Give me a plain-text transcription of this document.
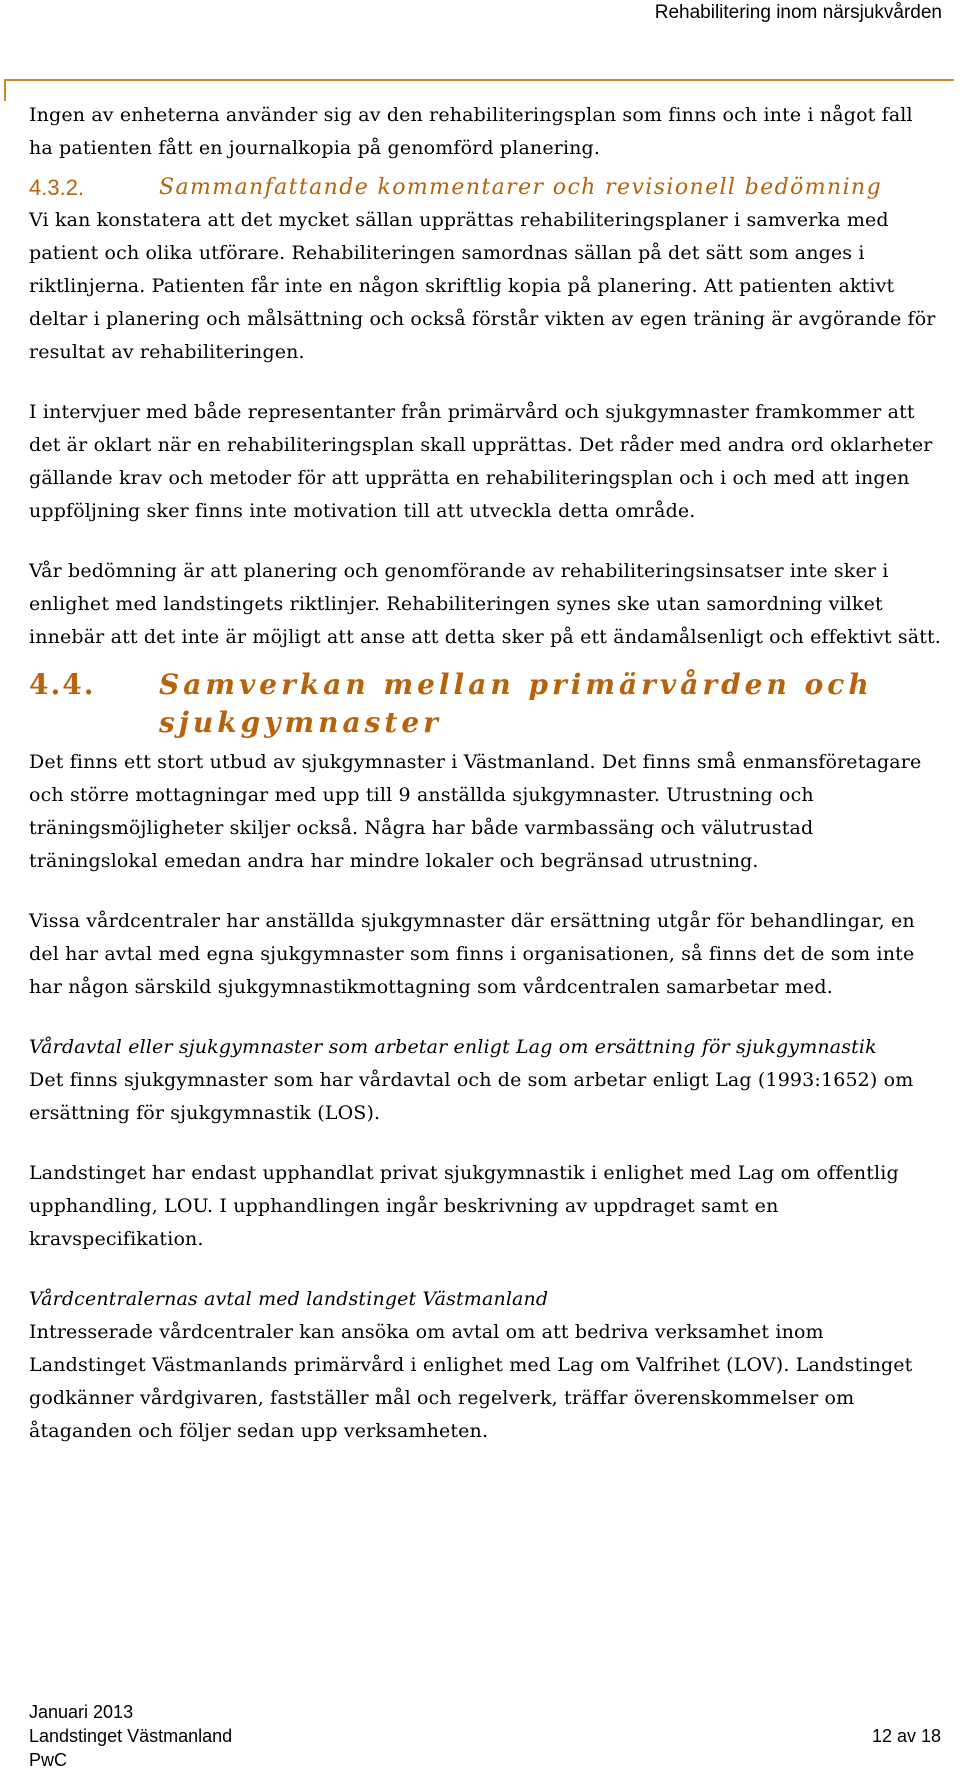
Rehabilitering inom närsjukvården

Ingen av enheterna använder sig av den rehabiliteringsplan som finns och inte i något fall ha patienten fått en journalkopia på genomförd planering.

4.3.2.	Sammanfattande kommentarer och revisionell bedömning

Vi kan konstatera att det mycket sällan upprättas rehabiliteringsplaner i samverka med patient och olika utförare. Rehabiliteringen samordnas sällan på det sätt som anges i riktlinjerna. Patienten får inte en någon skriftlig kopia på planering. Att patienten aktivt deltar i planering och målsättning och också förstår vikten av egen träning är avgörande för resultat av rehabiliteringen.

I intervjuer med både representanter från primärvård och sjukgymnaster framkommer att det är oklart när en rehabiliteringsplan skall upprättas. Det råder med andra ord oklarheter gällande krav och metoder för att upprätta en rehabiliteringsplan och i och med att ingen uppföljning sker finns inte motivation till att utveckla detta område.

Vår bedömning är att planering och genomförande av rehabiliteringsinsatser inte sker i enlighet med landstingets riktlinjer. Rehabiliteringen synes ske utan samordning vilket innebär att det inte är möjligt att anse att detta sker på ett ändamålsenligt och effektivt sätt.

4.4.	Samverkan mellan primärvården och sjukgymnaster

Det finns ett stort utbud av sjukgymnaster i Västmanland. Det finns små enmansföretagare och större mottagningar med upp till 9 anställda sjukgymnaster. Utrustning och träningsmöjligheter skiljer också. Några har både varmbassäng och välutrustad träningslokal emedan andra har mindre lokaler och begränsad utrustning.

Vissa vårdcentraler har anställda sjukgymnaster där ersättning utgår för behandlingar, en del har avtal med egna sjukgymnaster som finns i organisationen, så finns det de som inte har någon särskild sjukgymnastikmottagning som vårdcentralen samarbetar med.

Vårdavtal eller sjukgymnaster som arbetar enligt Lag om ersättning för sjukgymnastik

Det finns sjukgymnaster som har vårdavtal och de som arbetar enligt Lag (1993:1652) om ersättning för sjukgymnastik (LOS).

Landstinget har endast upphandlat privat sjukgymnastik i enlighet med Lag om offentlig upphandling, LOU. I upphandlingen ingår beskrivning av uppdraget samt en kravspecifikation.

Vårdcentralernas avtal med landstinget Västmanland

Intresserade vårdcentraler kan ansöka om avtal om att bedriva verksamhet inom Landstinget Västmanlands primärvård i enlighet med Lag om Valfrihet (LOV). Landstinget godkänner vårdgivaren, fastställer mål och regelverk, träffar överenskommelser om åtaganden och följer sedan upp verksamheten.

Januari 2013
Landstinget Västmanland	12 av 18
PwC
